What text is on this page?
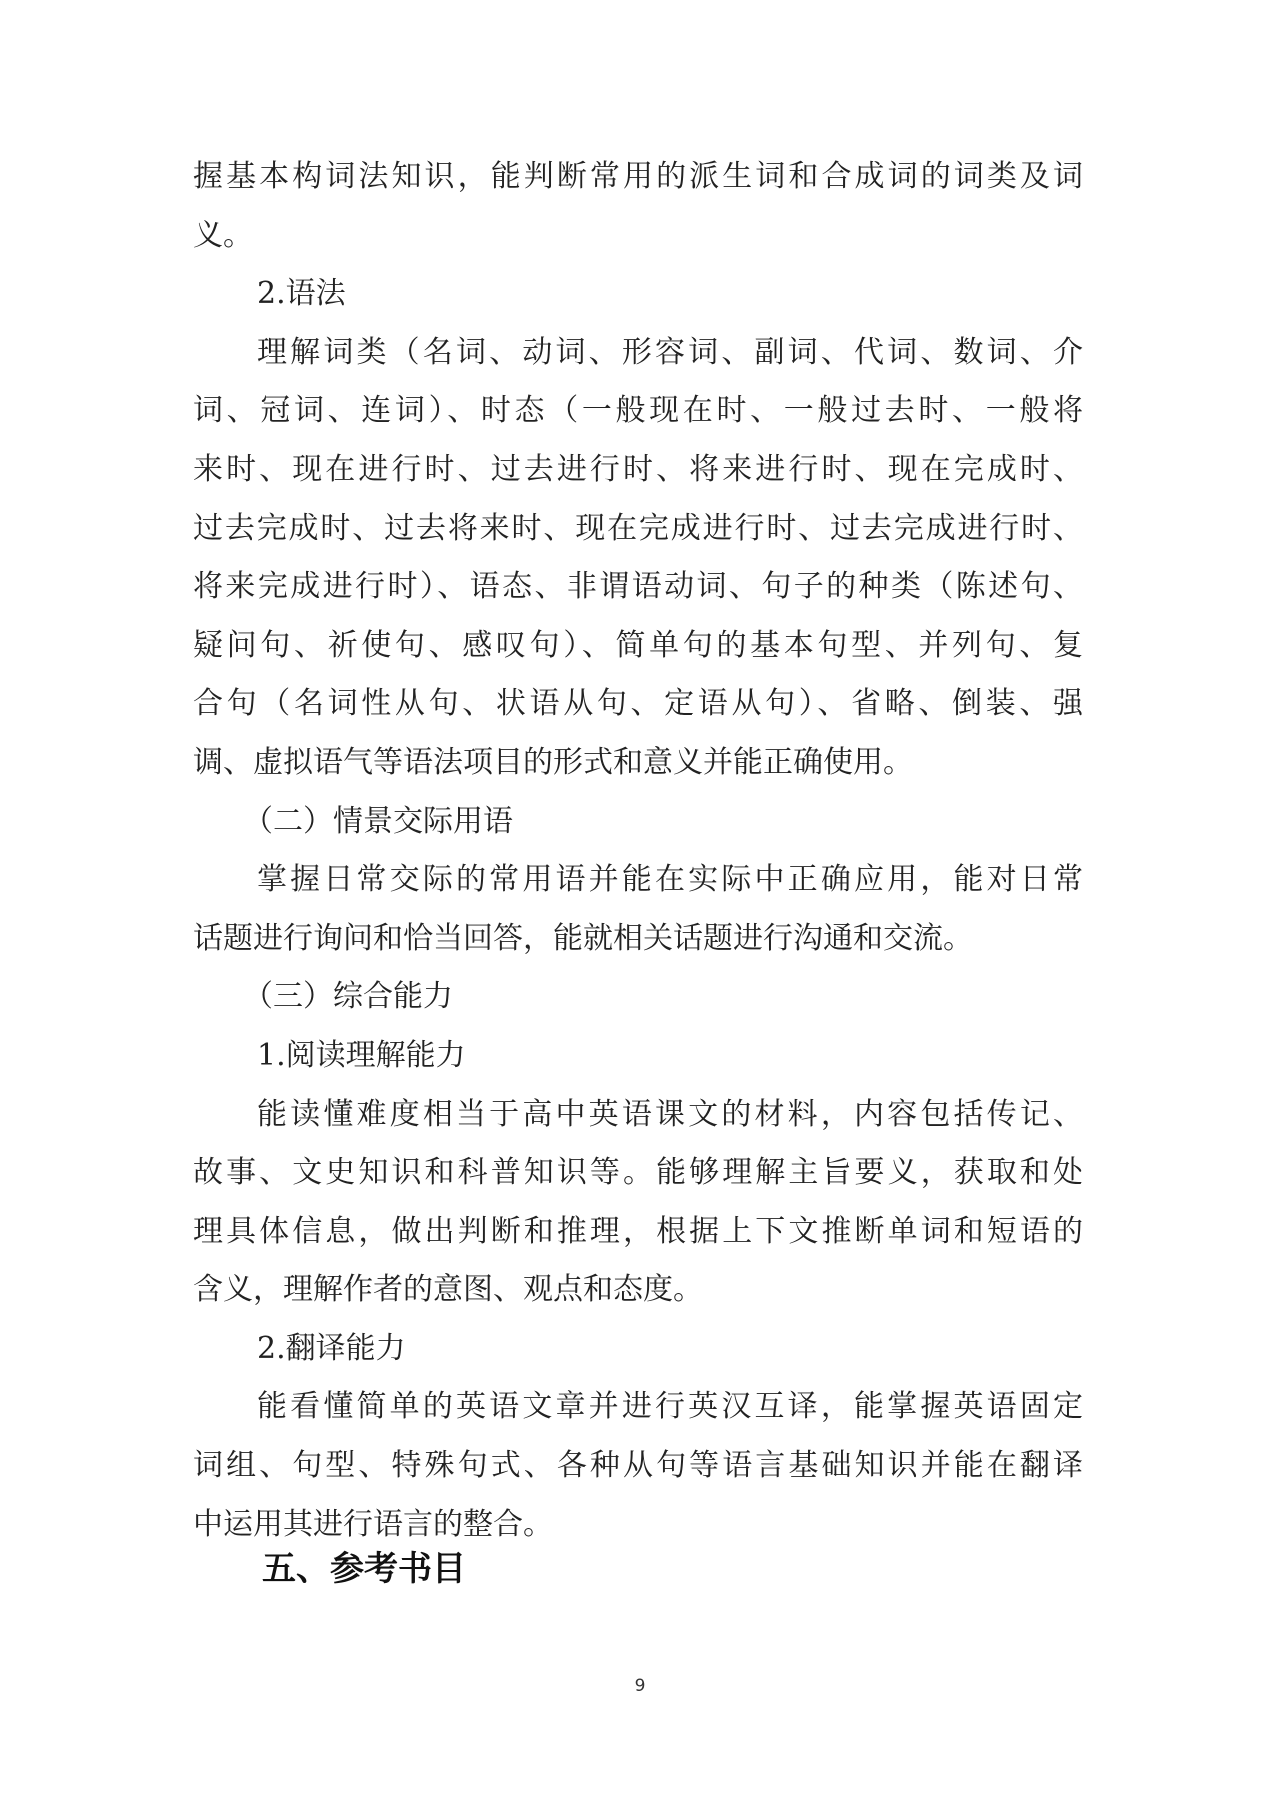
握基本构词法知识，能判断常用的派生词和合成词的词类及词
义。
2.语法
理解词类（名词、动词、形容词、副词、代词、数词、介
词、冠词、连词）、时态（一般现在时、一般过去时、一般将
来时、现在进行时、过去进行时、将来进行时、现在完成时、
过去完成时、过去将来时、现在完成进行时、过去完成进行时、
将来完成进行时）、语态、非谓语动词、句子的种类（陈述句、
疑问句、祈使句、感叹句）、简单句的基本句型、并列句、复
合句（名词性从句、状语从句、定语从句）、省略、倒装、强
调、虚拟语气等语法项目的形式和意义并能正确使用。
（二）情景交际用语
掌握日常交际的常用语并能在实际中正确应用，能对日常
话题进行询问和恰当回答，能就相关话题进行沟通和交流。
（三）综合能力
1.阅读理解能力
能读懂难度相当于高中英语课文的材料，内容包括传记、
故事、文史知识和科普知识等。能够理解主旨要义，获取和处
理具体信息，做出判断和推理，根据上下文推断单词和短语的
含义，理解作者的意图、观点和态度。
2.翻译能力
能看懂简单的英语文章并进行英汉互译，能掌握英语固定
词组、句型、特殊句式、各种从句等语言基础知识并能在翻译
中运用其进行语言的整合。
五、参考书目
9
